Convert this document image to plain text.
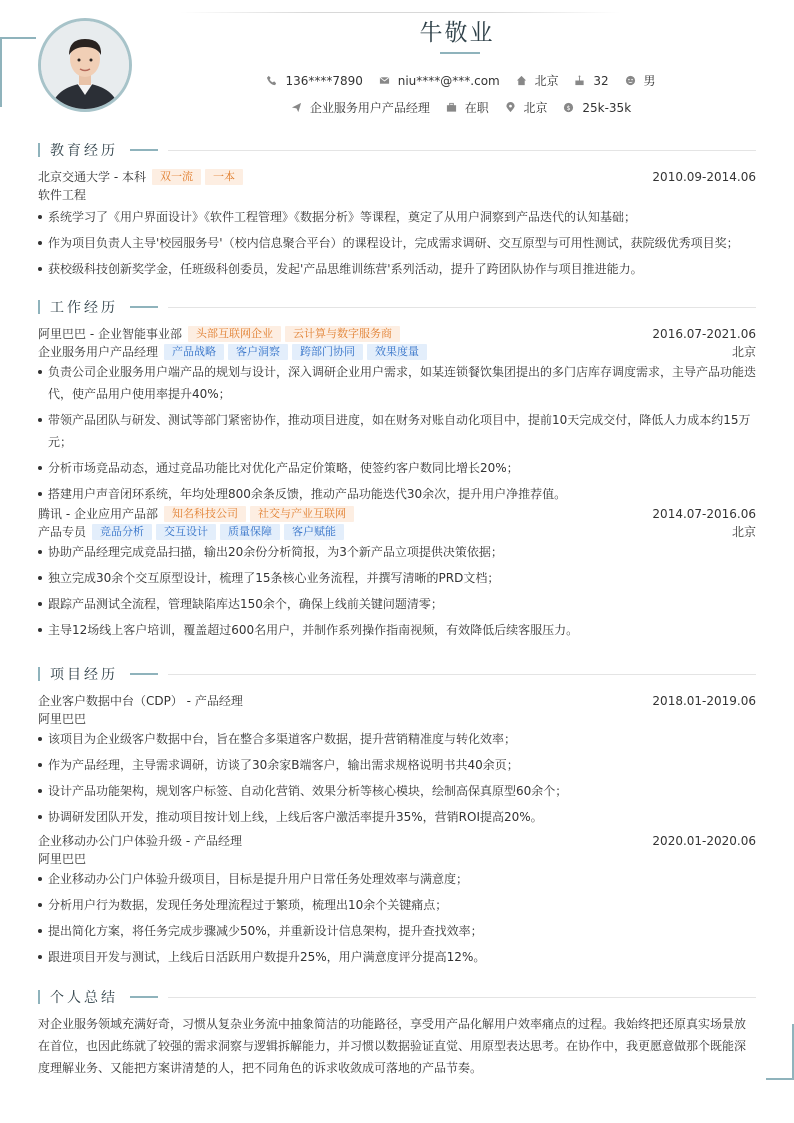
牛敬业
136****7890
	niu****@***.com
	北京
	32
	男
企业服务用户产品经理
	在职
	北京
	$ 25k-35k
教育经历
北京交通大学 - 本科	双一流	一本	2010.09-2014.06
软件工程
系统学习了《用户界面设计》《软件工程管理》《数据分析》等课程，奠定了从用户洞察到产品迭代的认知基础；
作为项目负责人主导'校园服务号'（校内信息聚合平台）的课程设计，完成需求调研、交互原型与可用性测试，获院级优秀项目奖；
获校级科技创新奖学金，任班级科创委员，发起'产品思维训练营'系列活动，提升了跨团队协作与项目推进能力。
工作经历
阿里巴巴 - 企业智能事业部	头部互联网企业	云计算与数字服务商	2016.07-2021.06
企业服务用户产品经理	产品战略	客户洞察	跨部门协同	效果度量	北京
负责公司企业服务用户端产品的规划与设计，深入调研企业用户需求，如某连锁餐饮集团提出的多门店库存调度需求，主导产品功能迭代，使产品用户使用率提升40%；
带领产品团队与研发、测试等部门紧密协作，推动项目进度，如在财务对账自动化项目中，提前10天完成交付，降低人力成本约15万元；
分析市场竞品动态，通过竞品功能比对优化产品定价策略，使签约客户数同比增长20%；
搭建用户声音闭环系统，年均处理800余条反馈，推动产品功能迭代30余次，提升用户净推荐值。
腾讯 - 企业应用产品部	知名科技公司	社交与产业互联网	2014.07-2016.06
产品专员	竞品分析	交互设计	质量保障	客户赋能	北京
协助产品经理完成竞品扫描，输出20余份分析简报，为3个新产品立项提供决策依据；
独立完成30余个交互原型设计，梳理了15条核心业务流程，并撰写清晰的PRD文档；
跟踪产品测试全流程，管理缺陷库达150余个，确保上线前关键问题清零；
主导12场线上客户培训，覆盖超过600名用户，并制作系列操作指南视频，有效降低后续客服压力。
项目经历
企业客户数据中台（CDP） - 产品经理	2018.01-2019.06
阿里巴巴
该项目为企业级客户数据中台，旨在整合多渠道客户数据，提升营销精准度与转化效率；
作为产品经理，主导需求调研，访谈了30余家B端客户，输出需求规格说明书共40余页；
设计产品功能架构，规划客户标签、自动化营销、效果分析等核心模块，绘制高保真原型60余个；
协调研发团队开发，推动项目按计划上线，上线后客户激活率提升35%，营销ROI提高20%。
企业移动办公门户体验升级 - 产品经理	2020.01-2020.06
阿里巴巴
企业移动办公门户体验升级项目，目标是提升用户日常任务处理效率与满意度；
分析用户行为数据，发现任务处理流程过于繁琐，梳理出10余个关键痛点；
提出简化方案，将任务完成步骤减少50%，并重新设计信息架构，提升查找效率；
跟进项目开发与测试，上线后日活跃用户数提升25%，用户满意度评分提高12%。
个人总结
对企业服务领域充满好奇，习惯从复杂业务流中抽象简洁的功能路径，享受用产品化解用户效率痛点的过程。我始终把还原真实场景放在首位，也因此练就了较强的需求洞察与逻辑拆解能力，并习惯以数据验证直觉、用原型表达思考。在协作中，我更愿意做那个既能深度理解业务、又能把方案讲清楚的人，把不同角色的诉求收敛成可落地的产品节奏。
